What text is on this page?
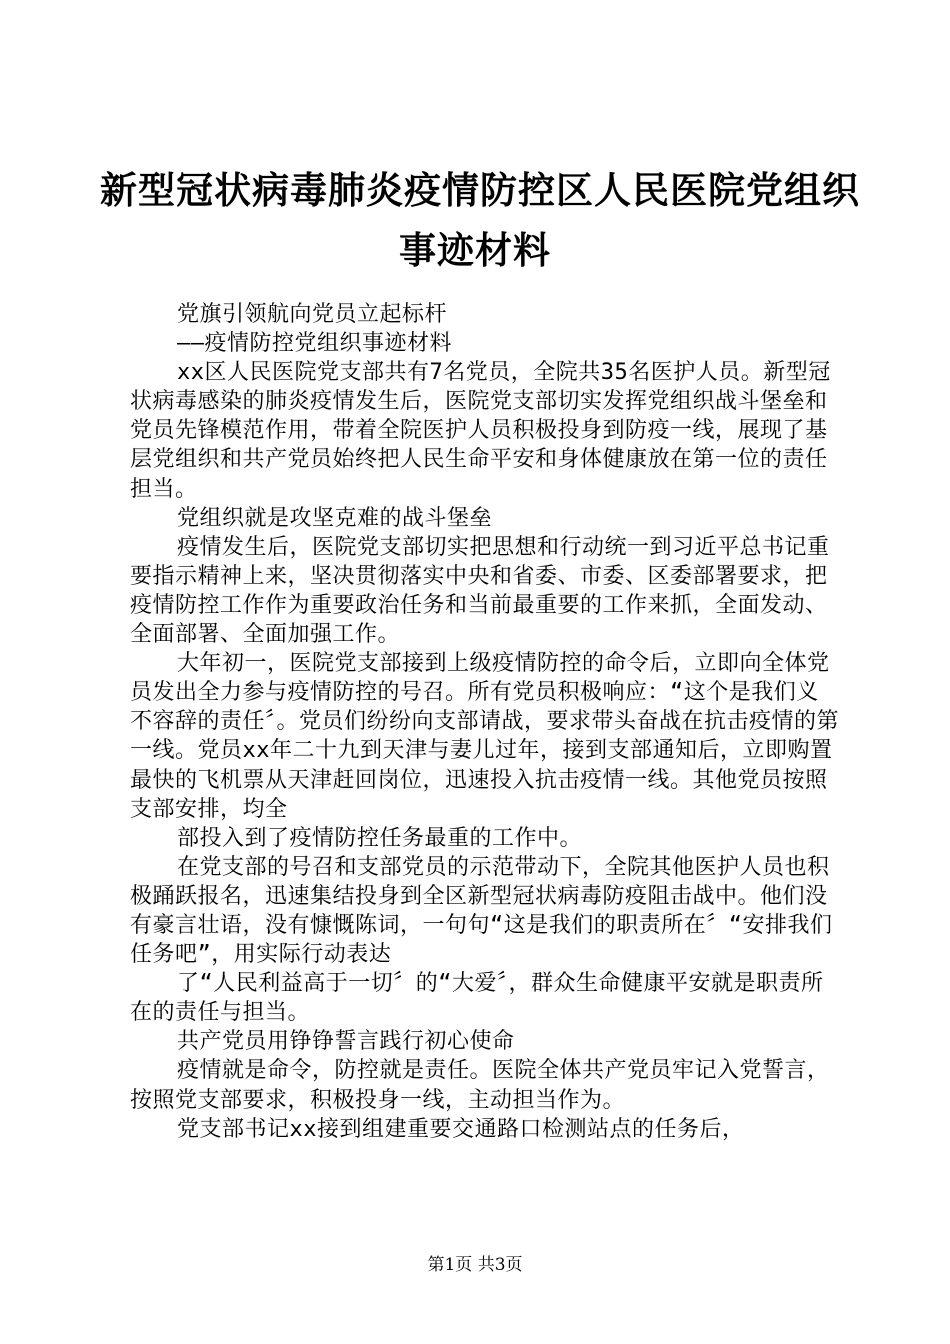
新型冠状病毒肺炎疫情防控区人民医院党组织
事迹材料

党旗引领航向党员立起标杆

——疫情防控党组织事迹材料

xx区人民医院党支部共有7名党员，全院共35名医护人员。新型冠状病毒感染的肺炎疫情发生后，医院党支部切实发挥党组织战斗堡垒和党员先锋模范作用，带着全院医护人员积极投身到防疫一线，展现了基层党组织和共产党员始终把人民生命平安和身体健康放在第一位的责任担当。

党组织就是攻坚克难的战斗堡垒

疫情发生后，医院党支部切实把思想和行动统一到习近平总书记重要指示精神上来，坚决贯彻落实中央和省委、市委、区委部署要求，把疫情防控工作作为重要政治任务和当前最重要的工作来抓，全面发动、全面部署、全面加强工作。

大年初一，医院党支部接到上级疫情防控的命令后，立即向全体党员发出全力参与疫情防控的号召。所有党员积极响应：“这个是我们义不容辞的责任〞。党员们纷纷向支部请战，要求带头奋战在抗击疫情的第一线。党员xx年二十九到天津与妻儿过年，接到支部通知后，立即购置最快的飞机票从天津赶回岗位，迅速投入抗击疫情一线。其他党员按照支部安排，均全

部投入到了疫情防控任务最重的工作中。

在党支部的号召和支部党员的示范带动下，全院其他医护人员也积极踊跃报名，迅速集结投身到全区新型冠状病毒防疫阻击战中。他们没有豪言壮语，没有慷慨陈词，一句句“这是我们的职责所在〞“安排我们任务吧”，用实际行动表达

了“人民利益高于一切〞的“大爱〞，群众生命健康平安就是职责所在的责任与担当。

共产党员用铮铮誓言践行初心使命

疫情就是命令，防控就是责任。医院全体共产党员牢记入党誓言，按照党支部要求，积极投身一线，主动担当作为。

党支部书记xx接到组建重要交通路口检测站点的任务后，

第1页 共3页
